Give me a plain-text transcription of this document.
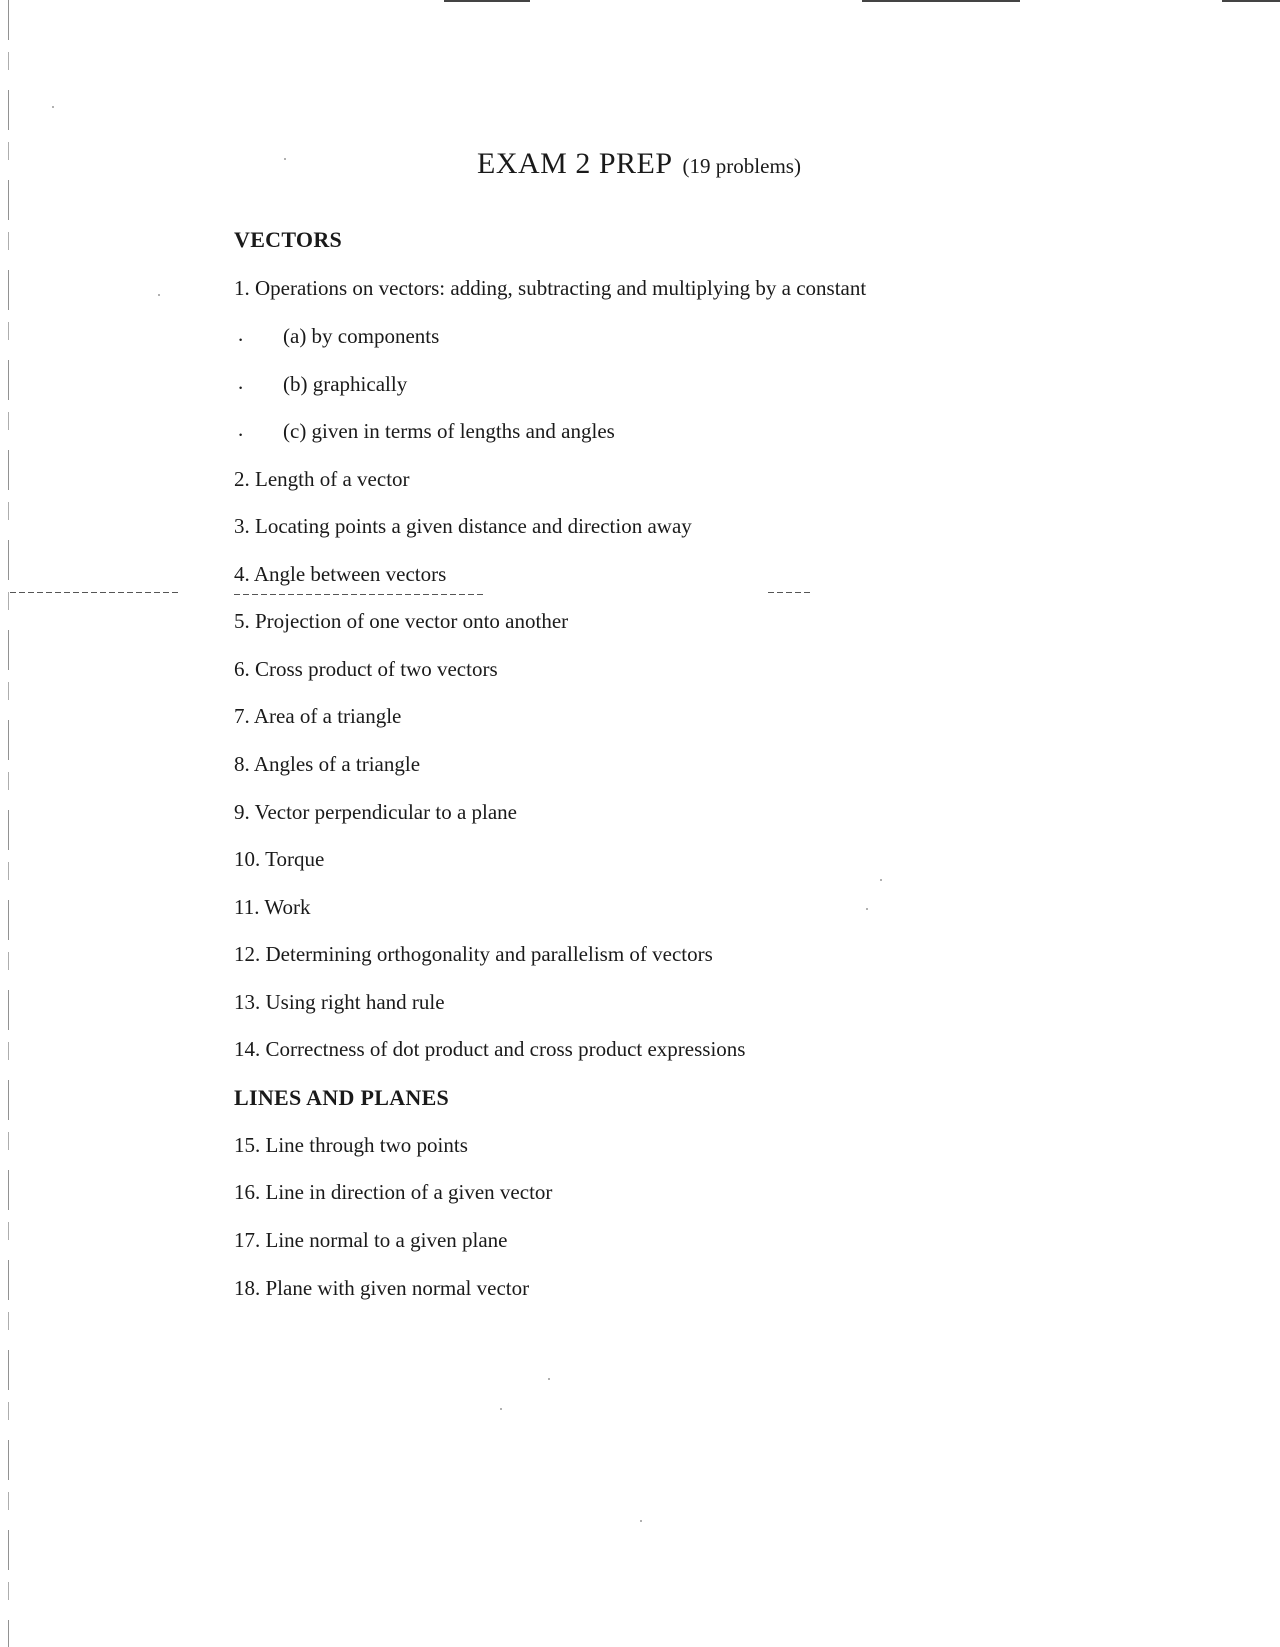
EXAM 2 PREP (19 problems)
VECTORS
1. Operations on vectors: adding, subtracting and multiplying by a constant
. (a) by components
. (b) graphically
. (c) given in terms of lengths and angles
2. Length of a vector
3. Locating points a given distance and direction away
4. Angle between vectors
5. Projection of one vector onto another
6. Cross product of two vectors
7. Area of a triangle
8. Angles of a triangle
9. Vector perpendicular to a plane
10. Torque
11. Work
12. Determining orthogonality and parallelism of vectors
13. Using right hand rule
14. Correctness of dot product and cross product expressions
LINES AND PLANES
15. Line through two points
16. Line in direction of a given vector
17. Line normal to a given plane
18. Plane with given normal vector
